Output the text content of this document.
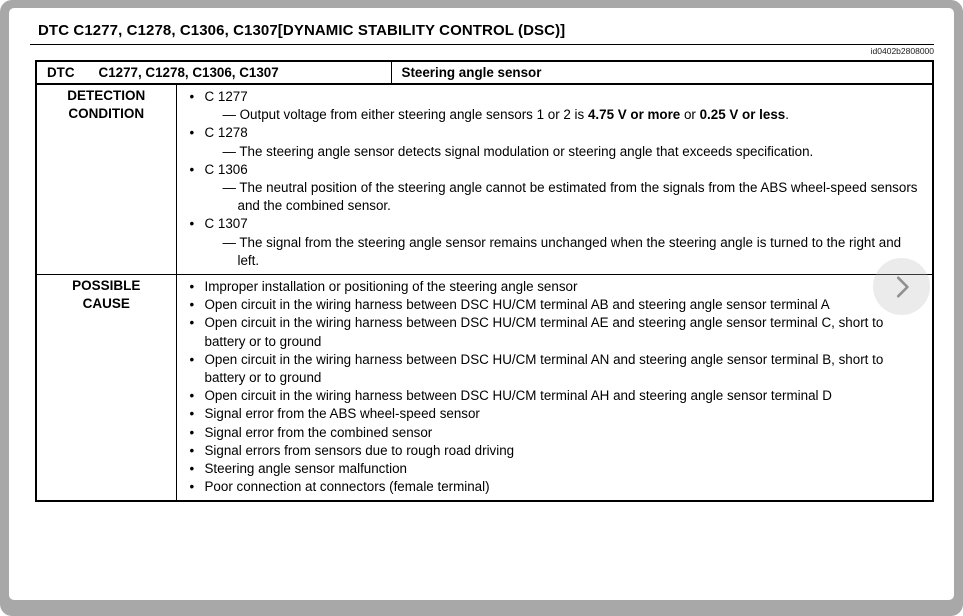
DTC C1277, C1278, C1306, C1307[DYNAMIC STABILITY CONTROL (DSC)]
id0402b2808000
DTC C1277, C1278, C1306, C1307		Steering angle sensor
DETECTION
CONDITION	
• C 1277
— Output voltage from either steering angle sensors 1 or 2 is 4.75 V or more or 0.25 V or less.
• C 1278
— The steering angle sensor detects signal modulation or steering angle that exceeds specification.
• C 1306
— The neutral position of the steering angle cannot be estimated from the signals from the ABS wheel-speed sensors and the combined sensor.
• C 1307
— The signal from the steering angle sensor remains unchanged when the steering angle is turned to the right and left.

POSSIBLE
CAUSE	
• Improper installation or positioning of the steering angle sensor
• Open circuit in the wiring harness between DSC HU/CM terminal AB and steering angle sensor terminal A
• Open circuit in the wiring harness between DSC HU/CM terminal AE and steering angle sensor terminal C, short to battery or to ground
• Open circuit in the wiring harness between DSC HU/CM terminal AN and steering angle sensor terminal B, short to battery or to ground
• Open circuit in the wiring harness between DSC HU/CM terminal AH and steering angle sensor terminal D
• Signal error from the ABS wheel-speed sensor
• Signal error from the combined sensor
• Signal errors from sensors due to rough road driving
• Steering angle sensor malfunction
• Poor connection at connectors (female terminal)
